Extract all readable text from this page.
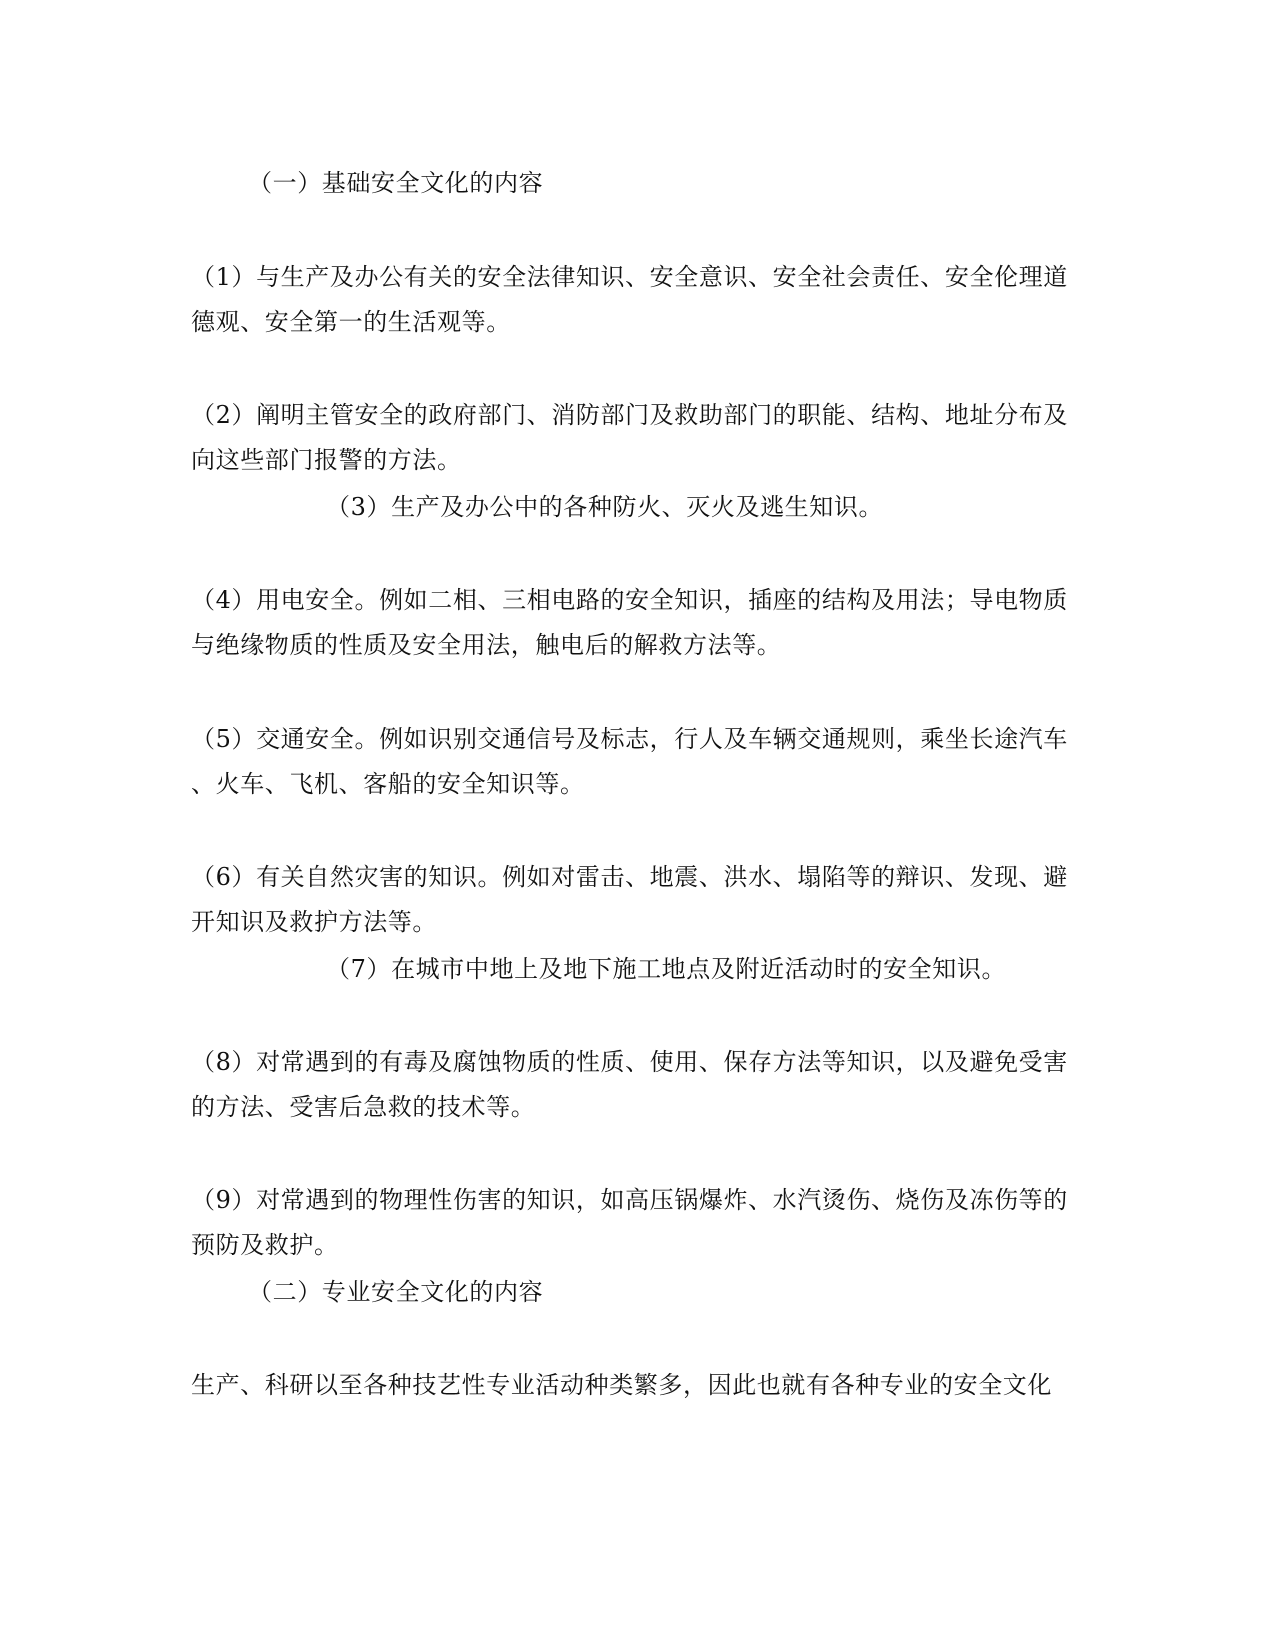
（一）基础安全文化的内容
（1）与生产及办公有关的安全法律知识、安全意识、安全社会责任、安全伦理道
德观、安全第一的生活观等。
（2）阐明主管安全的政府部门、消防部门及救助部门的职能、结构、地址分布及
向这些部门报警的方法。
（3）生产及办公中的各种防火、灭火及逃生知识。
（4）用电安全。例如二相、三相电路的安全知识，插座的结构及用法；导电物质
与绝缘物质的性质及安全用法，触电后的解救方法等。
（5）交通安全。例如识别交通信号及标志，行人及车辆交通规则，乘坐长途汽车
、火车、飞机、客船的安全知识等。
（6）有关自然灾害的知识。例如对雷击、地震、洪水、塌陷等的辩识、发现、避
开知识及救护方法等。
（7）在城市中地上及地下施工地点及附近活动时的安全知识。
（8）对常遇到的有毒及腐蚀物质的性质、使用、保存方法等知识，以及避免受害
的方法、受害后急救的技术等。
（9）对常遇到的物理性伤害的知识，如高压锅爆炸、水汽烫伤、烧伤及冻伤等的
预防及救护。
（二）专业安全文化的内容
生产、科研以至各种技艺性专业活动种类繁多，因此也就有各种专业的安全文化
